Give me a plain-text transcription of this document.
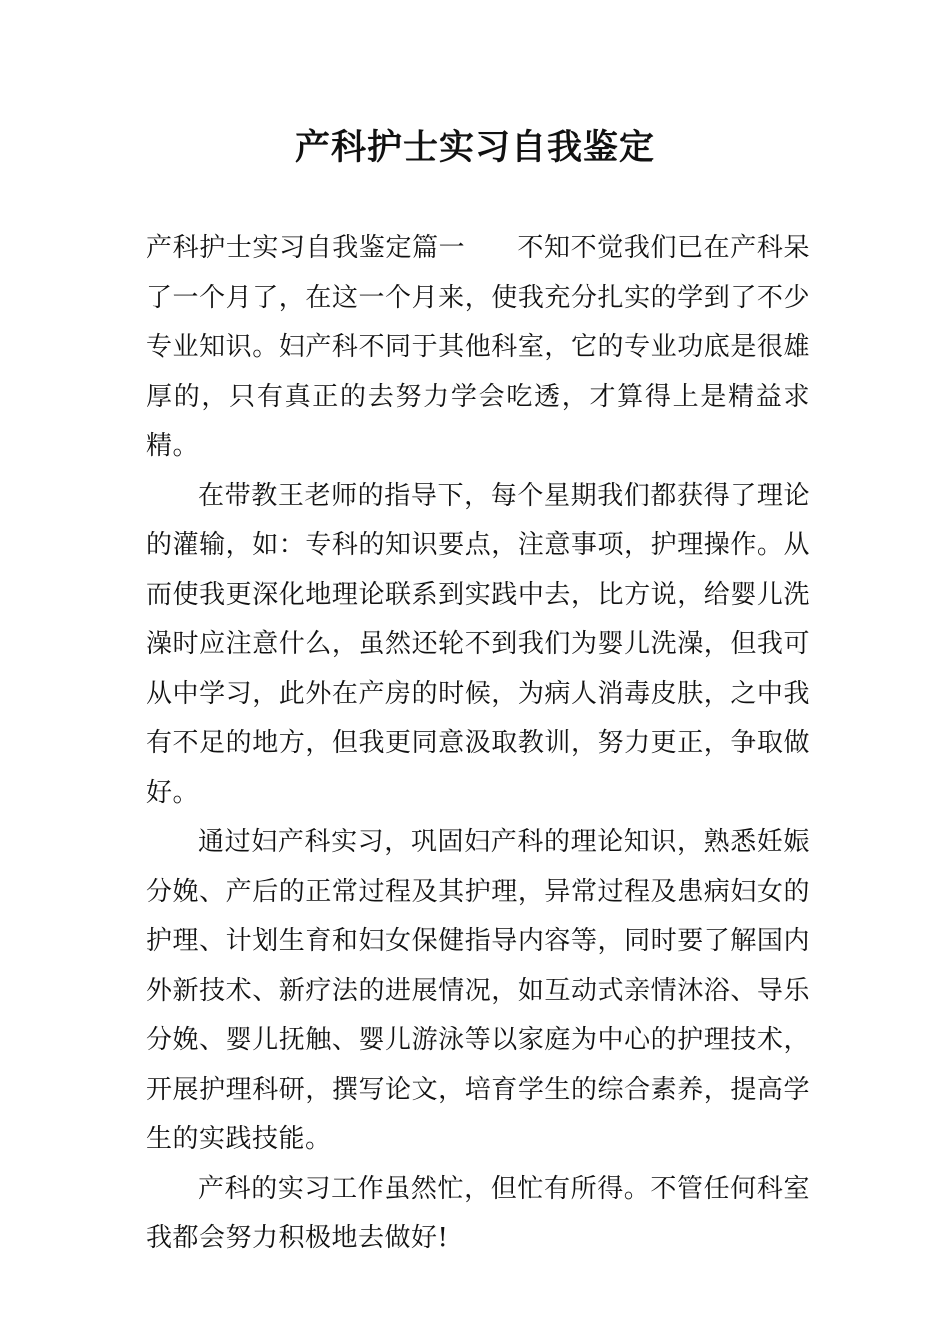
产科护士实习自我鉴定

产科护士实习自我鉴定篇一 不知不觉我们已在产科呆了一个月了，在这一个月来，使我充分扎实的学到了不少专业知识。妇产科不同于其他科室，它的专业功底是很雄厚的，只有真正的去努力学会吃透，才算得上是精益求精。

在带教王老师的指导下，每个星期我们都获得了理论的灌输，如：专科的知识要点，注意事项，护理操作。从而使我更深化地理论联系到实践中去，比方说，给婴儿洗澡时应注意什么，虽然还轮不到我们为婴儿洗澡，但我可从中学习，此外在产房的时候，为病人消毒皮肤，之中我有不足的地方，但我更同意汲取教训，努力更正，争取做好。

通过妇产科实习，巩固妇产科的理论知识，熟悉妊娠分娩、产后的正常过程及其护理，异常过程及患病妇女的护理、计划生育和妇女保健指导内容等，同时要了解国内外新技术、新疗法的进展情况，如互动式亲情沐浴、导乐分娩、婴儿抚触、婴儿游泳等以家庭为中心的护理技术，开展护理科研，撰写论文，培育学生的综合素养，提高学生的实践技能。

产科的实习工作虽然忙，但忙有所得。不管任何科室我都会努力积极地去做好!
